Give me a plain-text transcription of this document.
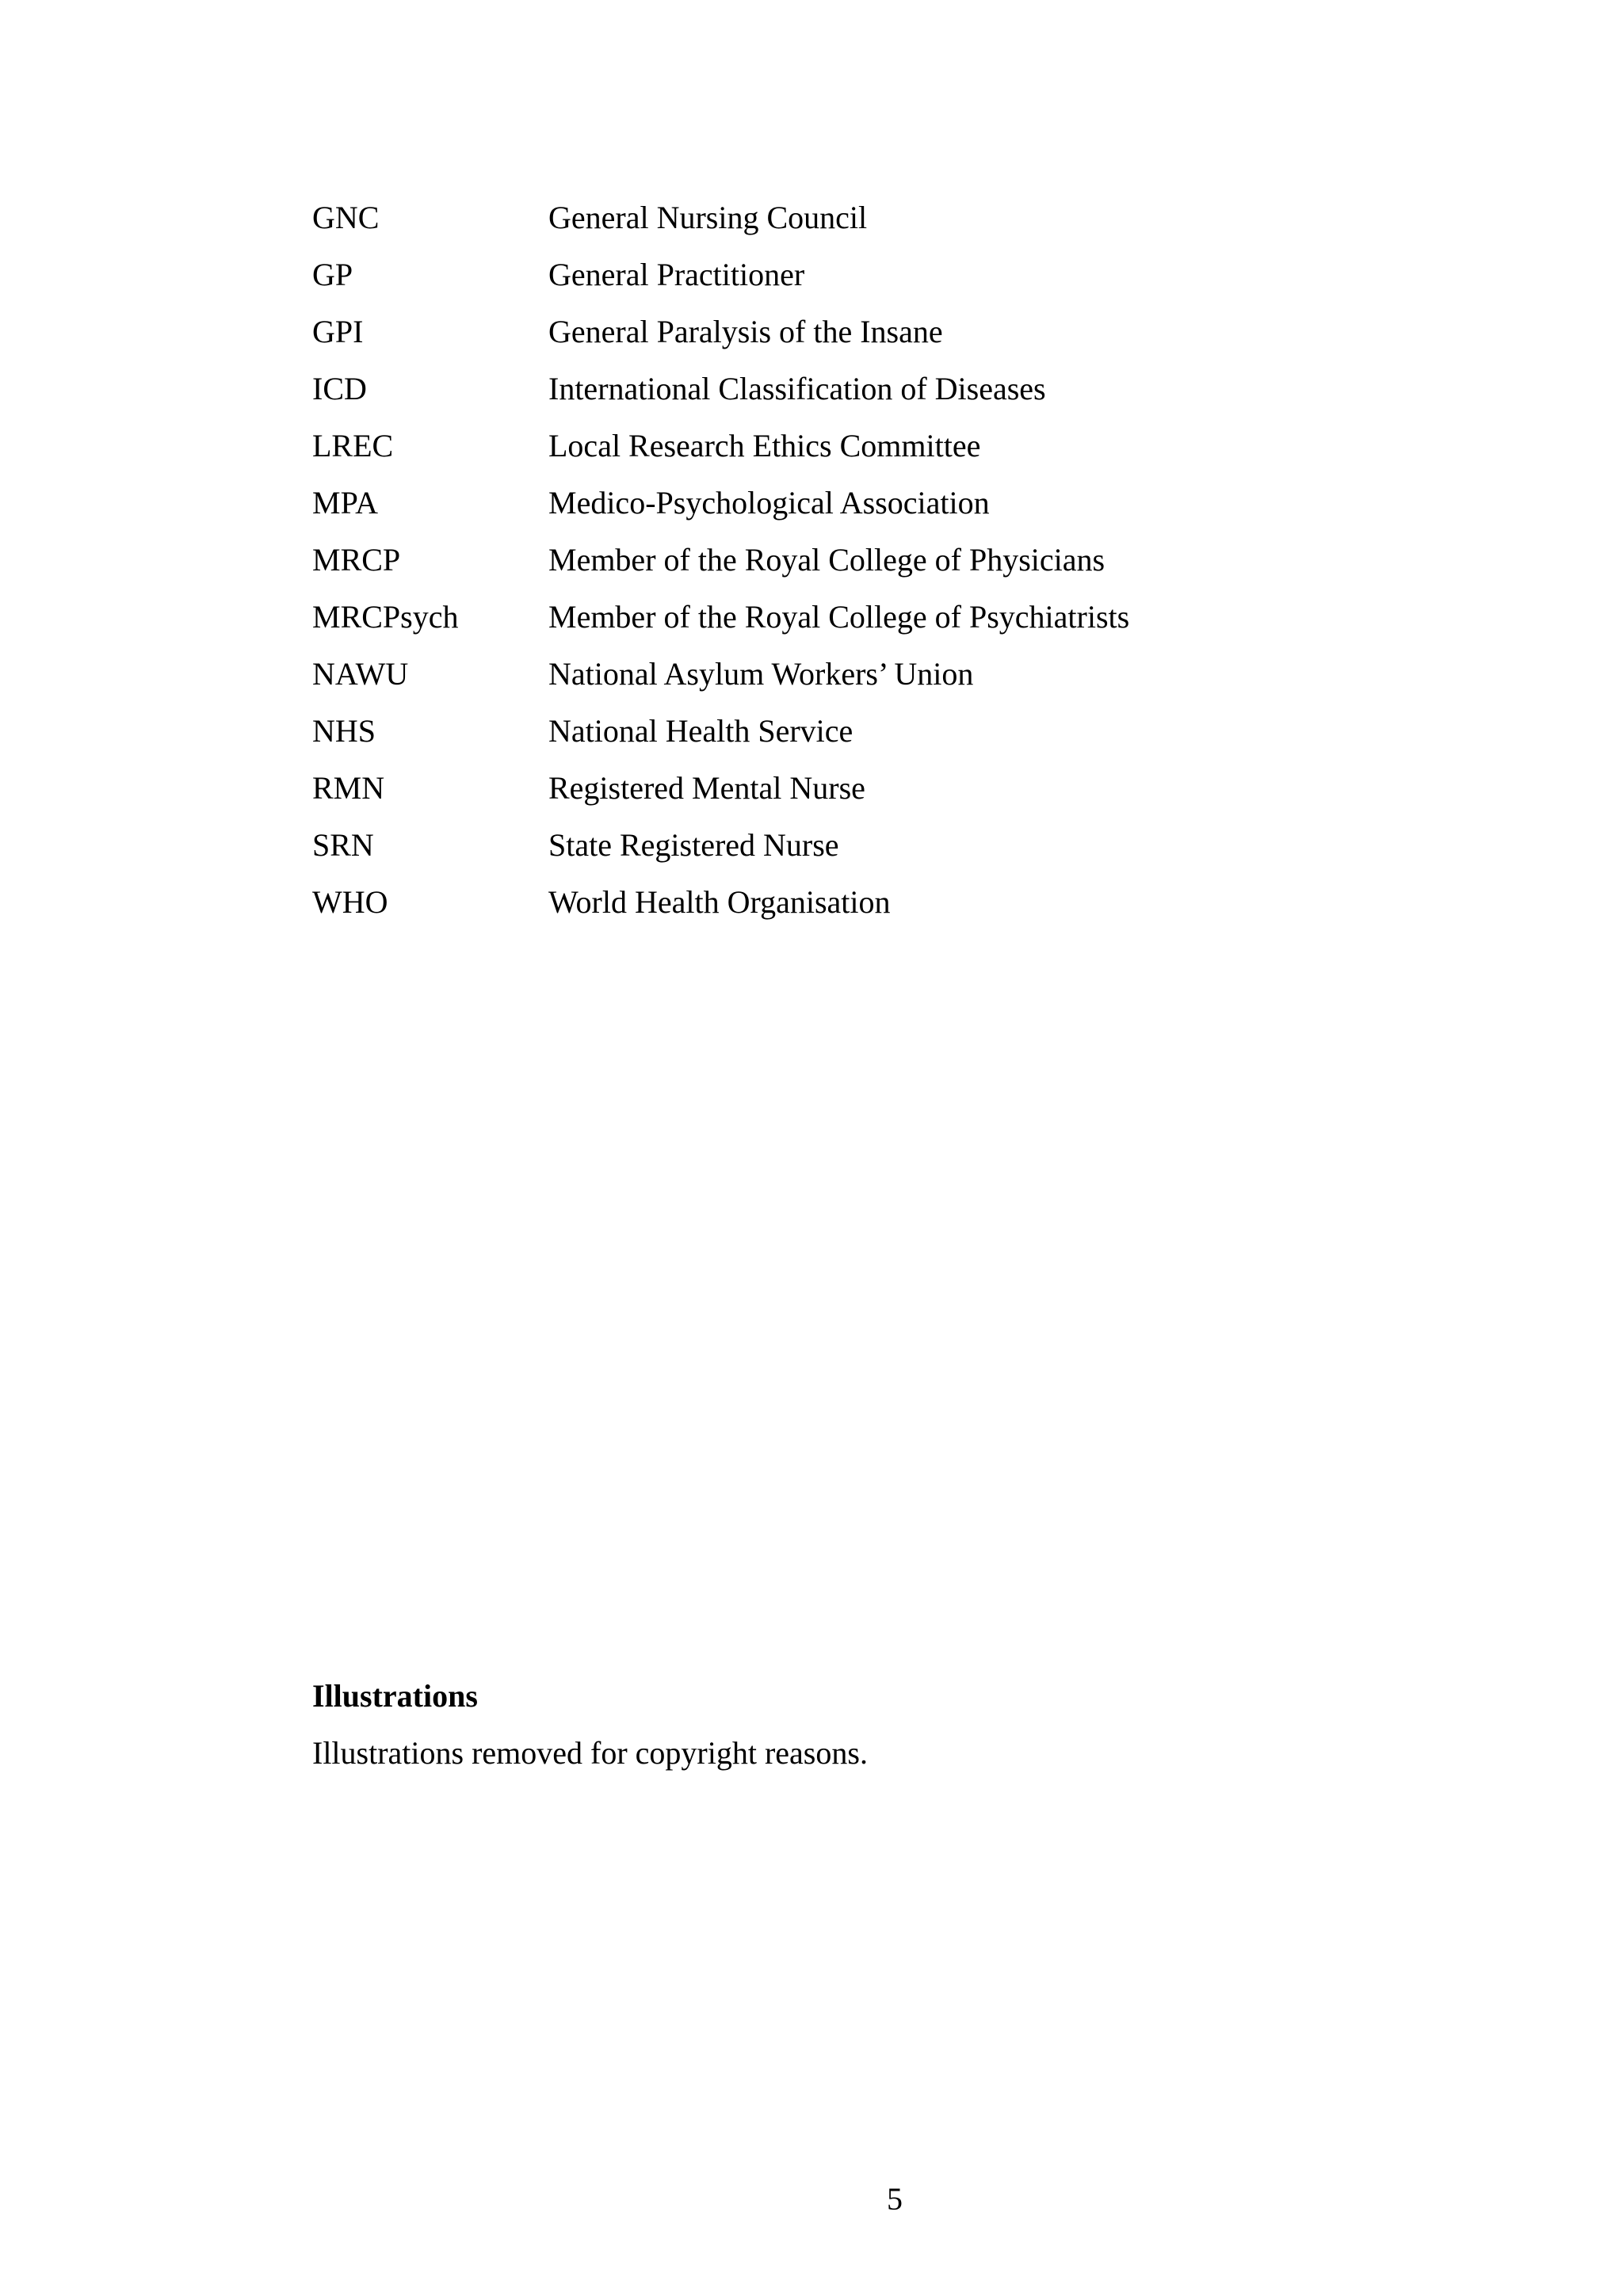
GNC	General Nursing Council
GP	General Practitioner
GPI	General Paralysis of the Insane
ICD	International Classification of Diseases
LREC	Local Research Ethics Committee
MPA	Medico-Psychological Association
MRCP	Member of the Royal College of Physicians
MRCPsych	Member of the Royal College of Psychiatrists
NAWU	National Asylum Workers’ Union
NHS	National Health Service
RMN	Registered Mental Nurse
SRN	State Registered Nurse
WHO	World Health Organisation
Illustrations

Illustrations removed for copyright reasons.

5
